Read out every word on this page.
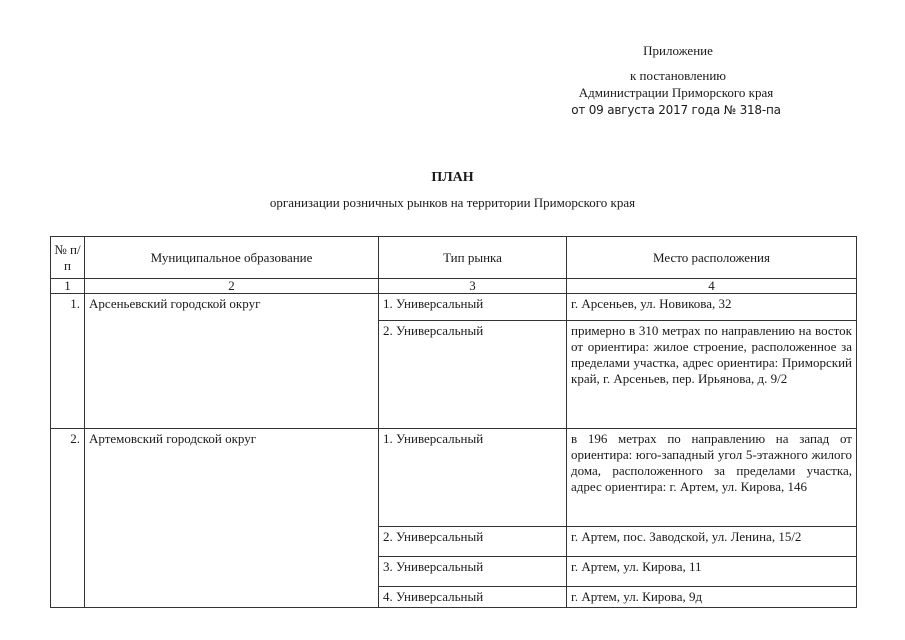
Приложение
к постановлению
Администрации Приморского края
от 09 августа 2017 года № 318-па
ПЛАН
организации розничных рынков на территории Приморского края
№ п/п	Муниципальное образование	Тип рынка	Место расположения
1	2	3	4
1.	Арсеньевский городской округ	1. Универсальный	г. Арсеньев, ул. Новикова, 32
		2. Универсальный	примерно в 310 метрах по направлению на восток от ориентира: жилое строение, расположенное за пределами участка, адрес ориентира: Приморский край, г. Арсеньев, пер. Ирьянова, д. 9/2
2.	Артемовский городской округ	1. Универсальный	в 196 метрах по направлению на запад от ориентира: юго-западный угол 5-этажного жилого дома, расположенного за пределами участка, адрес ориентира: г. Артем, ул. Кирова, 146
		2. Универсальный	г. Артем, пос. Заводской, ул. Ленина, 15/2
		3. Универсальный	г. Артем, ул. Кирова, 11
		4. Универсальный	г. Артем, ул. Кирова, 9д
